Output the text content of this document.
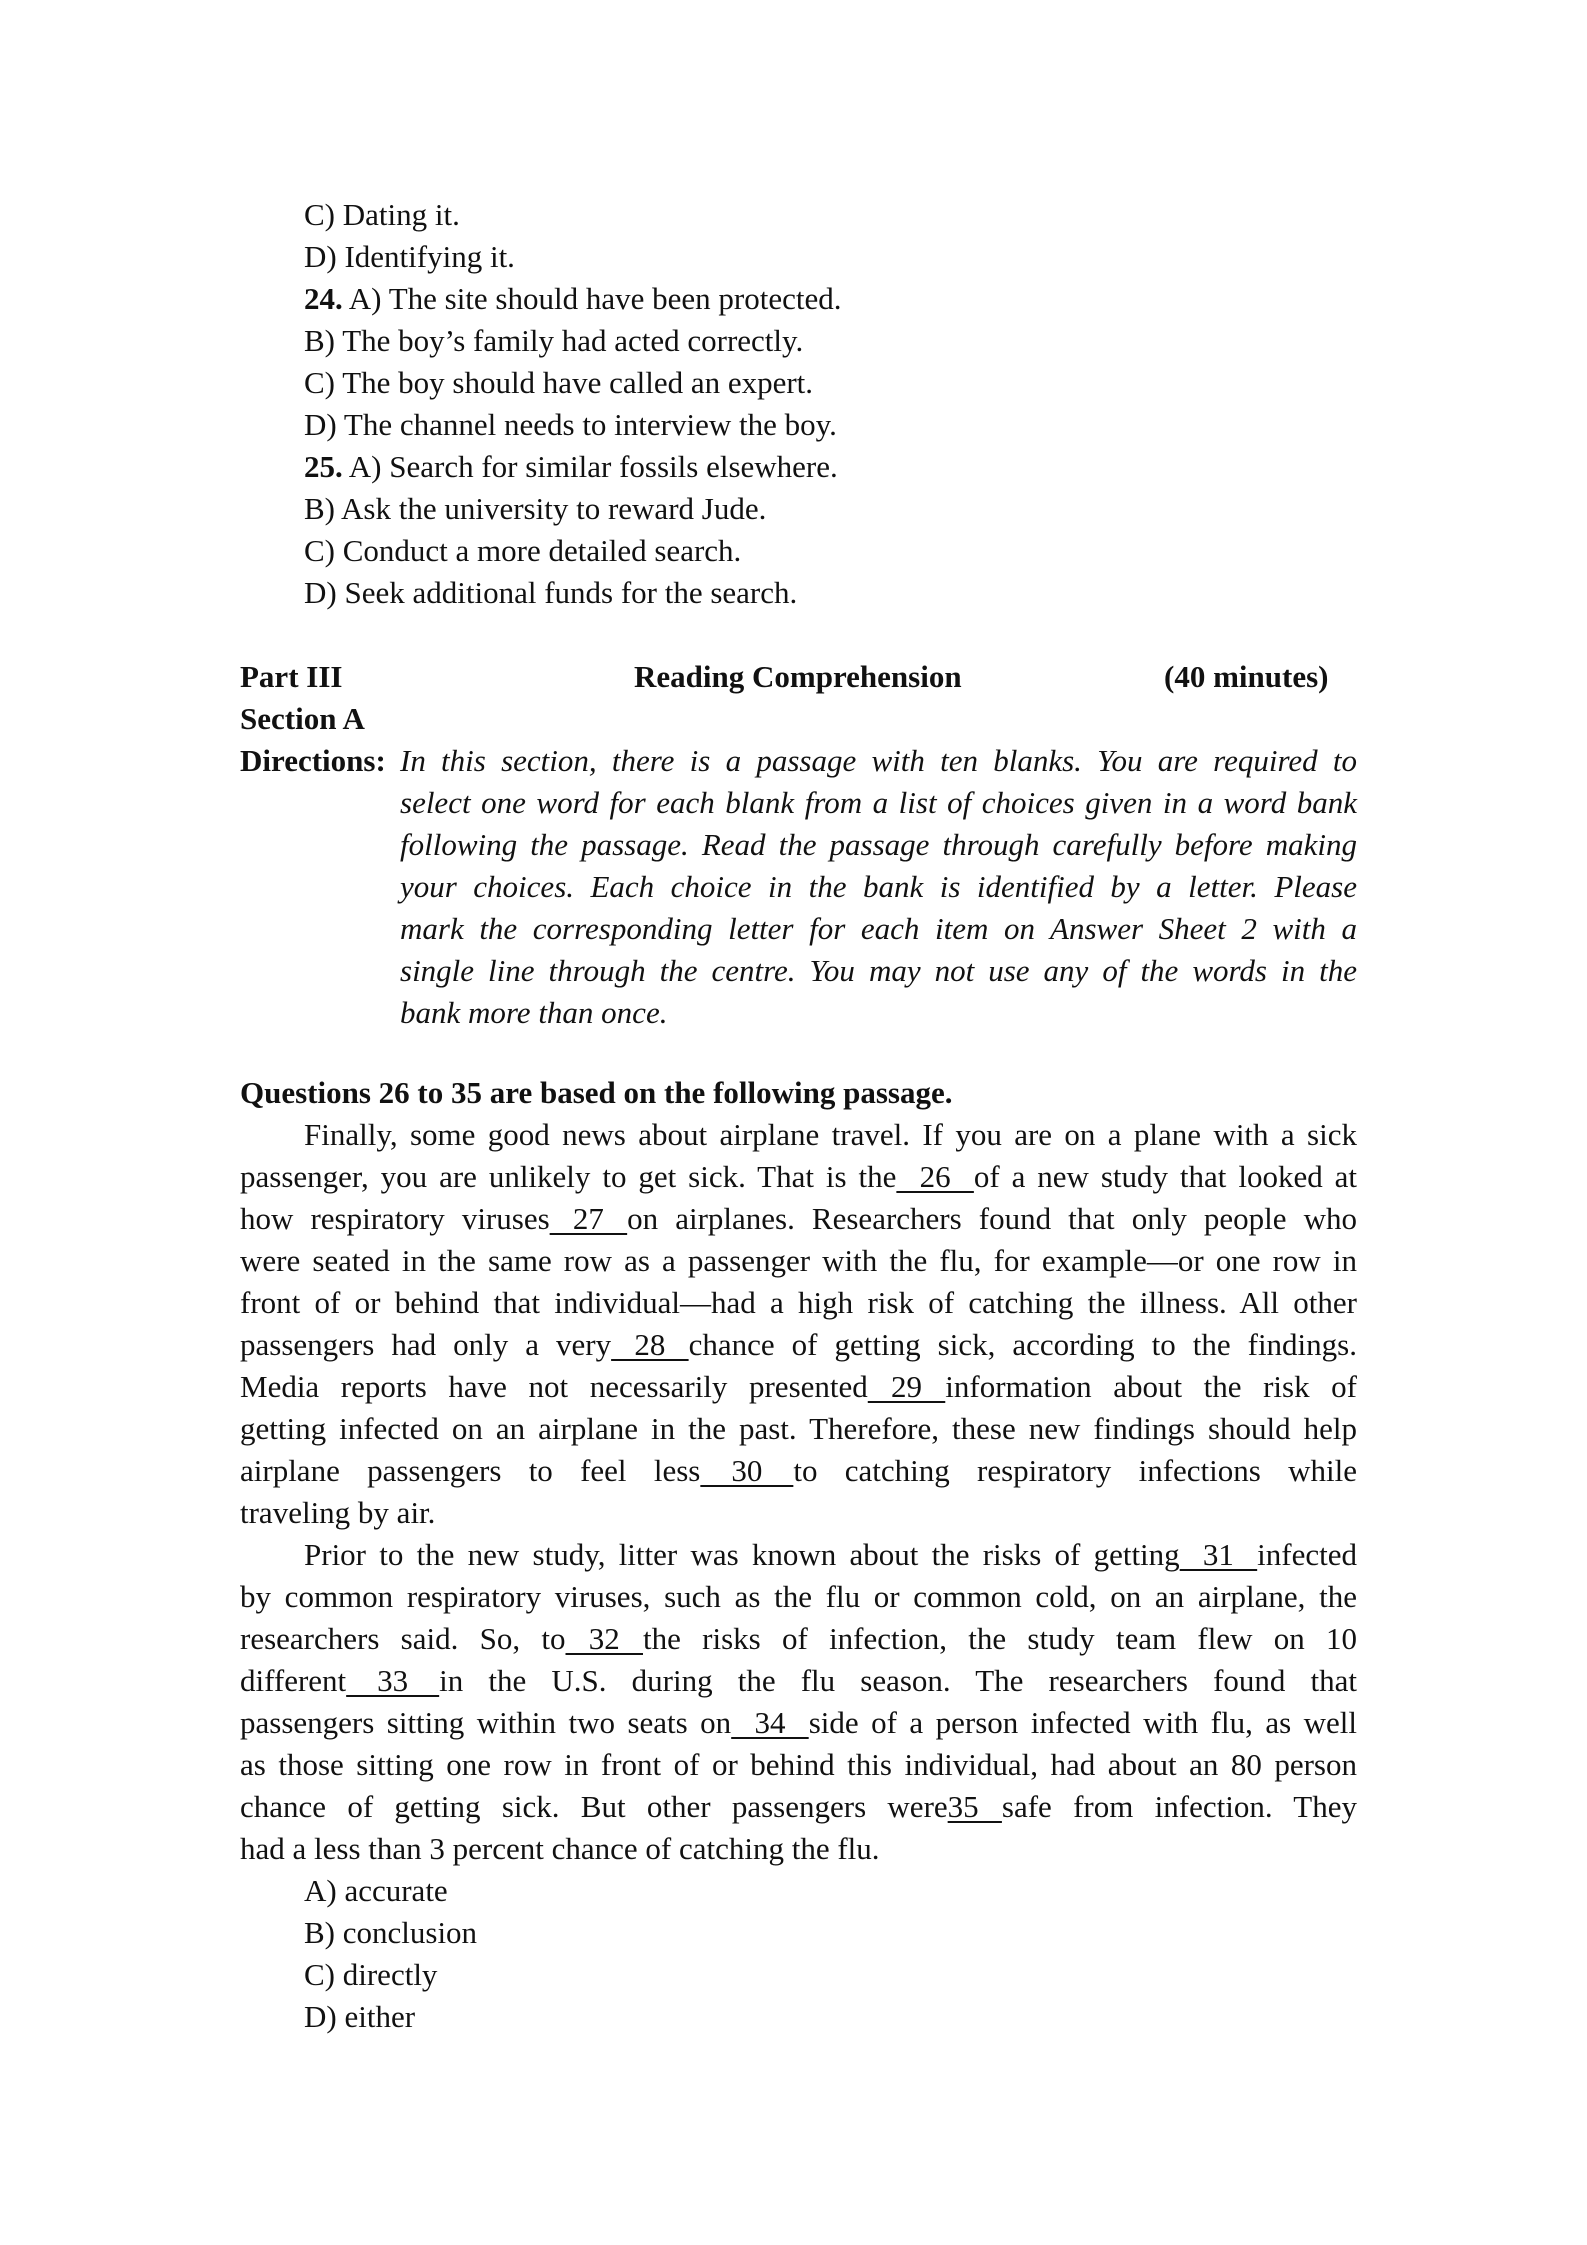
C) Dating it.
D) Identifying it.
24. A) The site should have been protected.
B) The boy’s family had acted correctly.
C) The boy should have called an expert.
D) The channel needs to interview the boy.
25. A) Search for similar fossils elsewhere.
B) Ask the university to reward Jude.
C) Conduct a more detailed search.
D) Seek additional funds for the search.
Part III	Reading Comprehension	(40 minutes)
Section A
Directions: In this section, there is a passage with ten blanks. You are required to
select one word for each blank from a list of choices given in a word bank
following the passage. Read the passage through carefully before making
your choices. Each choice in the bank is identified by a letter. Please
mark the corresponding letter for each item on Answer Sheet 2 with a
single line through the centre. You may not use any of the words in the
bank more than once.
Questions 26 to 35 are based on the following passage.
Finally, some good news about airplane travel. If you are on a plane with a sick
passenger, you are unlikely to get sick. That is the   26   of a new study that looked at
how respiratory viruses   27   on airplanes. Researchers found that only people who
were seated in the same row as a passenger with the flu, for example—or one row in
front of or behind that individual—had a high risk of catching the illness. All other
passengers had only a very   28   chance of getting sick, according to the findings.
Media reports have not necessarily presented   29   information about the risk of
getting infected on an airplane in the past. Therefore, these new findings should help
airplane passengers to feel less    30    to catching respiratory infections while
traveling by air.
Prior to the new study, litter was known about the risks of getting   31   infected
by common respiratory viruses, such as the flu or common cold, on an airplane, the
researchers said. So, to   32   the risks of infection, the study team flew on 10
different    33    in the U.S. during the flu season. The researchers found that
passengers sitting within two seats on   34   side of a person infected with flu, as well
as those sitting one row in front of or behind this individual, had about an 80 person
chance of getting sick. But other passengers were35   safe from infection. They
had a less than 3 percent chance of catching the flu.
A) accurate
B) conclusion
C) directly
D) either
